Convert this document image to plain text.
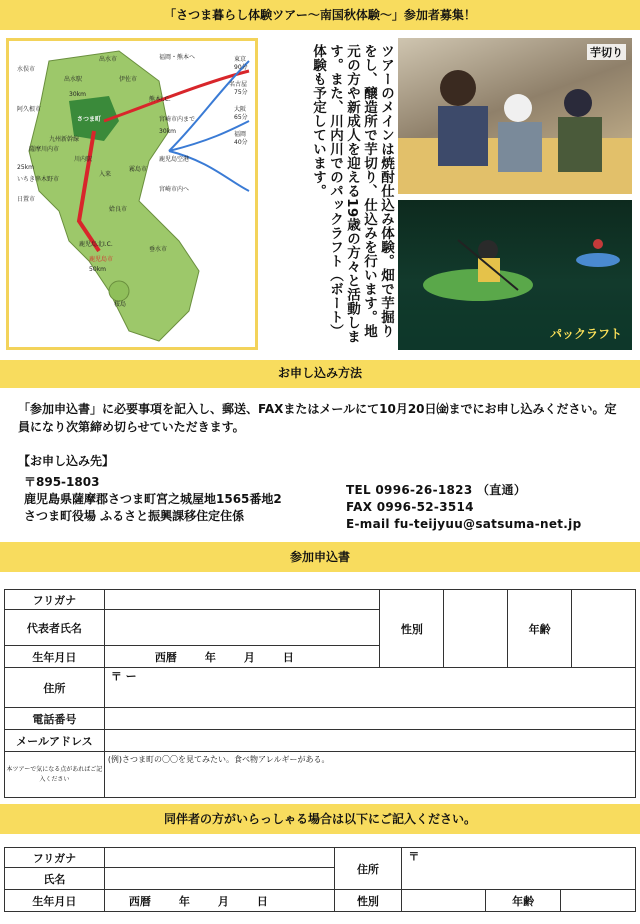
「さつま暮らし体験ツアー～南国秋体験～」参加者募集！
水俣市
阿久根市
出水市
伊佐市
薩摩川内市
さつま町
姶良市
霧島市
いちき串木野市
日置市
鹿児島市
垂水市
九州新幹線
川内駅
入来
出水駅
鹿児島空港
鹿児島北I.C.
熊本I.C.
桜島
福岡・熊本へ
宮崎市内まで
宮崎市内へ
東京
名古屋
大阪
福岡
30km
25km
30km
50km
90分
75分
65分
40分	ツアーのメインは焼酎仕込み体験。畑で芋掘りをし、醸造所で芋切り、仕込みを行います。地元の方や新成人を迎える19歳の方々と活動します。また、川内川でのパックラフト（ボート）体験も予定しています。	芋切り
パックラフト
お申し込み方法
「参加申込書」に必要事項を記入し、郵送、FAXまたはメールにて10月20日㈮までにお申し込みください。定員になり次第締め切らせていただきます。
【お申し込み先】
〒895-1803
鹿児島県薩摩郡さつま町宮之城屋地1565番地2
さつま町役場 ふるさと振興課移住定住係
TEL 0996-26-1823 （直通）
FAX 0996-52-3514
E-mail fu-teijyuu@satsuma-net.jp
参加申込書
フリガナ		性別		年齢	
代表者氏名					
生年月日	西暦 年 月 日				
住所	〒 ー				
電話番号					
メールアドレス					
本ツアーで気になる点があればご記入ください	(例)さつま町の〇〇を見てみたい。食べ物アレルギーがある。				
同伴者の方がいらっしゃる場合は以下にご記入ください。
フリガナ		住所	〒		
氏名					
生年月日	西暦 年 月 日	性別		年齢	
